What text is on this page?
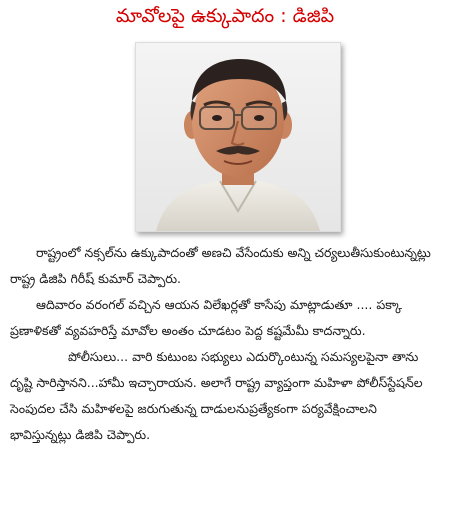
మావోలపై ఉక్కుపాదం : డిజిపి

రాష్ట్రంలో నక్సల్‌ను ఉక్కుపాదంతో అణచి వేసేందుకు అన్ని చర్యలుతీసుకుంటున్నట్లు రాష్ట్ర డిజిపి గిరీష్ కుమార్ చెప్పారు.

ఆదివారం వరంగల్ వచ్చిన ఆయన విలేఖర్లతో కాసేపు మాట్లాడుతూ .... పక్కా ప్రణాళికతో వ్యవహరిస్తే మావోల అంతం చూడటం పెద్ద కష్టమేమీ కాదన్నారు.

పోలీసులు... వారి కుటుంబ సభ్యులు ఎదుర్కొంటున్న సమస్యలపైనా తాను దృష్టి సారిస్తానని...హామీ ఇచ్చారాయన. అలాగే రాష్ట్ర వ్యాప్తంగా మహిళా పోలీస్‌స్టేషన్‌ల సెంపుదల చేసి మహిళలపై జరుగుతున్న దాడులనుప్రత్యేకంగా పర్యవేక్షించాలని భావిస్తున్నట్లు డిజిపి చెప్పారు.
